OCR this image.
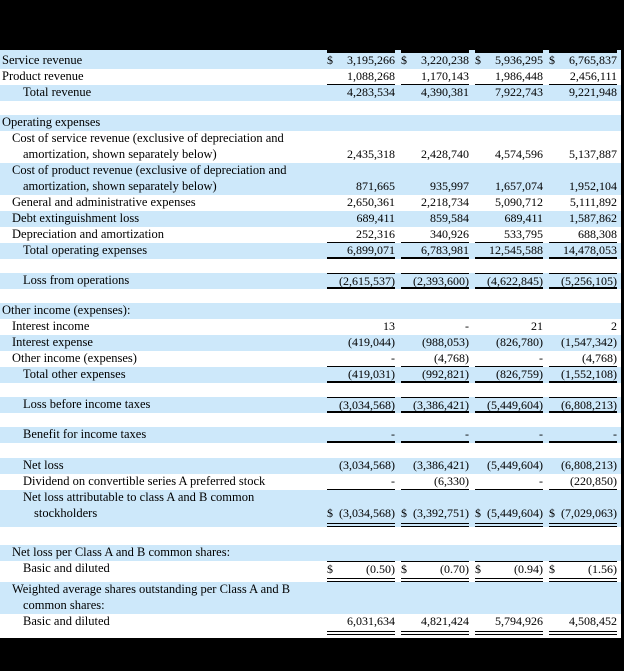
Service revenue	$ 3,195,266 $ 3,220,238 $ 5,936,295 $ 6,765,837
Product revenue	1,088,268 1,170,143 1,986,448 2,456,111
Total revenue	4,283,534 4,390,381 7,922,743 9,221,948
Operating expenses
Cost of service revenue (exclusive of depreciation and
amortization, shown separately below)	2,435,318 2,428,740 4,574,596 5,137,887
Cost of product revenue (exclusive of depreciation and
amortization, shown separately below)	871,665	935,997 1,657,074 1,952,104
General and administrative expenses	2,650,361 2,218,734 5,090,712 5,111,892
Debt extinguishment loss	689,411	859,584	689,411 1,587,862
Depreciation and amortization	252,316	340,926	533,795	688,308
Total operating expenses	6,899,071 6,783,981 12,545,588 14,478,053
Loss from operations	(2,615,537) (2,393,600) (4,622,845) (5,256,105)
Other income (expenses):
Interest income	13	-	21	2
Interest expense	(419,044) (988,053) (826,780) (1,547,342)
Other income (expenses)	-	(4,768)	-	(4,768)
Total other expenses	(419,031) (992,821) (826,759) (1,552,108)
Loss before income taxes	(3,034,568) (3,386,421) (5,449,604) (6,808,213)
Benefit for income taxes	-	-	-	-
Net loss	(3,034,568) (3,386,421) (5,449,604) (6,808,213)
Dividend on convertible series A preferred stock	-	(6,330)	- (220,850)
Net loss attributable to class A and B common
stockholders	$ (3,034,568) $ (3,392,751) $ (5,449,604) $ (7,029,063)
Net loss per Class A and B common shares:
Basic and diluted	$	(0.50) $	(0.70) $	(0.94) $	(1.56)
Weighted average shares outstanding per Class A and B
common shares:
Basic and diluted	6,031,634 4,821,424 5,794,926 4,508,452
